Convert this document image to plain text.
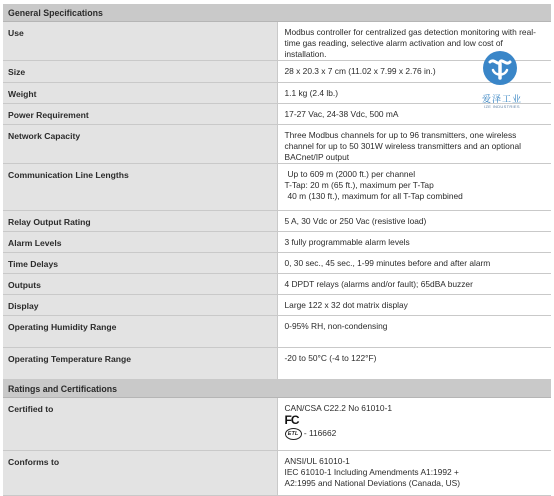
General Specifications	
Use	Modbus controller for centralized gas detection monitoring with real-time gas reading, selective alarm activation and low cost of installation.
Size	28 x 20.3 x 7 cm (11.02 x 7.99 x 2.76 in.)
Weight	1.1 kg (2.4 lb.)
Power Requirement	17-27 Vac, 24-38 Vdc, 500 mA
Network Capacity	Three Modbus channels for up to 96 transmitters, one wireless channel for up to 50 301W wireless transmitters and an optional BACnet/IP output
Communication Line Lengths	Up to 609 m (2000 ft.) per channel
T-Tap: 20 m (65 ft.), maximum per T-Tap
40 m (130 ft.), maximum for all T-Tap combined

Relay Output Rating	5 A, 30 Vdc or 250 Vac (resistive load)
Alarm Levels	3 fully programmable alarm levels
Time Delays	0, 30 sec., 45 sec., 1-99 minutes before and after alarm
Outputs	4 DPDT relays (alarms and/or fault); 65dBA buzzer
Display	Large 122 x 32 dot matrix display
Operating Humidity Range	0-95% RH, non-condensing
Operating Temperature Range	-20 to 50°C (-4 to 122°F)
Ratings and Certifications	
Certified to	CAN/CSA C22.2 No 61010-1
FC
ETL - 116662

Conforms to	ANSI/UL 61010-1
IEC 61010-1 Including Amendments A1:1992 +
A2:1995 and National Deviations (Canada, US)
爱泽工业
IZE INDUSTRIES
